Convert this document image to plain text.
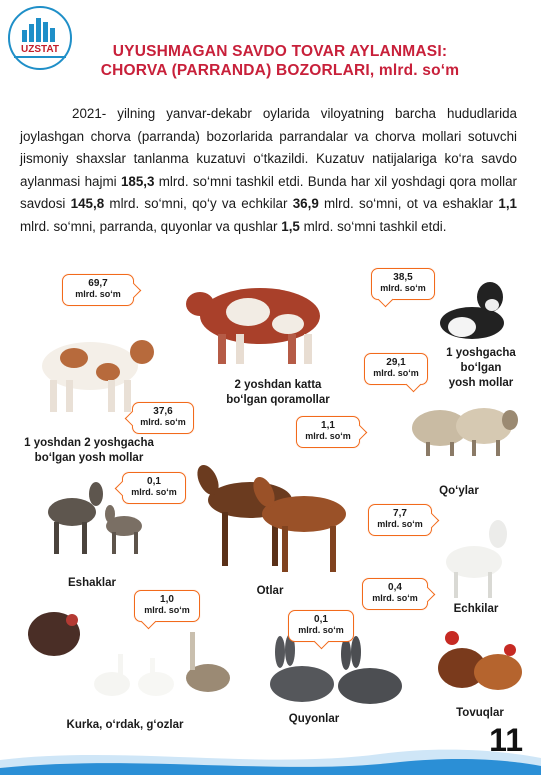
UZSTAT	UYUSHMAGAN SAVDO TOVAR AYLANMASI:
CHORVA (PARRANDA) BOZORLARI, mlrd. so‘m
2021- yilning yanvar-dekabr oylarida viloyatning barcha hududlarida joylashgan chorva (parranda) bozorlarida parrandalar va chorva mollari sotuvchi jismoniy shaxslar tanlanma kuzatuvi o‘tkazildi. Kuzatuv natijalariga ko‘ra savdo aylanmasi hajmi 185,3 mlrd. so‘mni tashkil etdi. Bunda har xil yoshdagi qora mollar savdosi 145,8 mlrd. so‘mni, qo‘y va echkilar 36,9 mlrd. so‘mni, ot va eshaklar 1,1 mlrd. so‘mni, parranda, quyonlar va qushlar 1,5 mlrd. so‘mni tashkil etdi.
69,7
mlrd. so‘m
38,5
mlrd. so‘m
29,1
mlrd. so‘m
37,6
mlrd. so‘m	1,1
mlrd. so‘m
0,1
mlrd. so‘m
7,7
mlrd. so‘m
0,4
mlrd. so‘m
1,0
mlrd. so‘m
0,1
mlrd. so‘m
2 yoshdan katta
bo‘lgan qoramollar
1 yoshgacha
bo‘lgan
yosh mollar
1 yoshdan 2 yoshgacha
bo‘lgan yosh mollar
Qo‘ylar
Eshaklar
Otlar
Echkilar
Kurka, o‘rdak, g‘ozlar	Quyonlar	Tovuqlar
11
